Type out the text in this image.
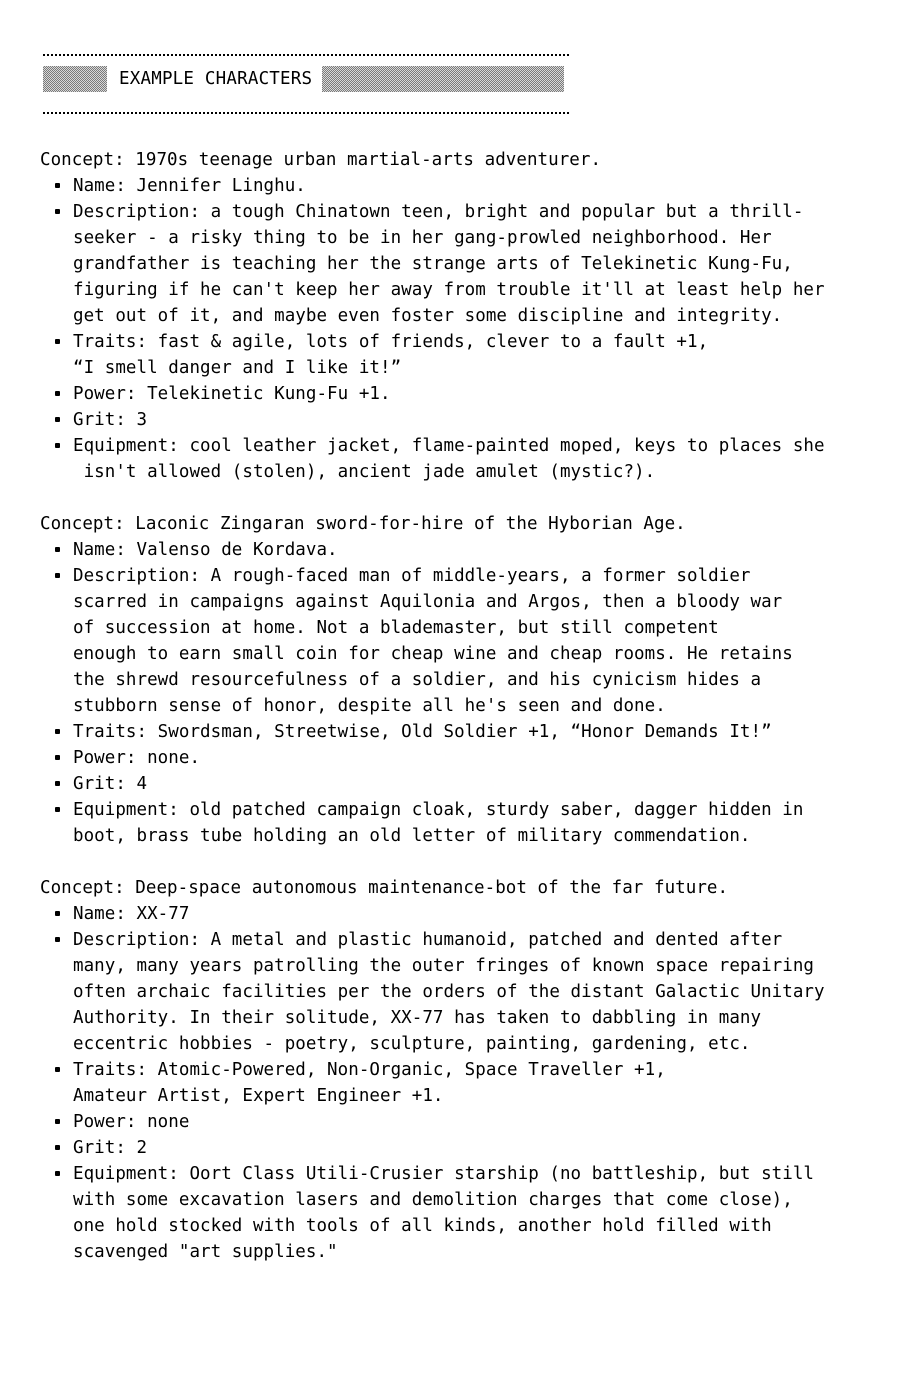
EXAMPLE CHARACTERS
Concept: 1970s teenage urban martial-arts adventurer.
Name: Jennifer Linghu.
Description: a tough Chinatown teen, bright and popular but a thrill-
seeker - a risky thing to be in her gang-prowled neighborhood. Her
grandfather is teaching her the strange arts of Telekinetic Kung-Fu,
figuring if he can't keep her away from trouble it'll at least help her
get out of it, and maybe even foster some discipline and integrity.
Traits: fast & agile, lots of friends, clever to a fault +1,
“I smell danger and I like it!”
Power: Telekinetic Kung-Fu +1.
Grit: 3
Equipment: cool leather jacket, flame-painted moped, keys to places she
isn't allowed (stolen), ancient jade amulet (mystic?).
Concept: Laconic Zingaran sword-for-hire of the Hyborian Age.
Name: Valenso de Kordava.
Description: A rough-faced man of middle-years, a former soldier
scarred in campaigns against Aquilonia and Argos, then a bloody war
of succession at home. Not a blademaster, but still competent
enough to earn small coin for cheap wine and cheap rooms. He retains
the shrewd resourcefulness of a soldier, and his cynicism hides a
stubborn sense of honor, despite all he's seen and done.
Traits: Swordsman, Streetwise, Old Soldier +1, “Honor Demands It!”
Power: none.
Grit: 4
Equipment: old patched campaign cloak, sturdy saber, dagger hidden in
boot, brass tube holding an old letter of military commendation.
Concept: Deep-space autonomous maintenance-bot of the far future.
Name: XX-77
Description: A metal and plastic humanoid, patched and dented after
many, many years patrolling the outer fringes of known space repairing
often archaic facilities per the orders of the distant Galactic Unitary
Authority. In their solitude, XX-77 has taken to dabbling in many
eccentric hobbies - poetry, sculpture, painting, gardening, etc.
Traits: Atomic-Powered, Non-Organic, Space Traveller +1,
Amateur Artist, Expert Engineer +1.
Power: none
Grit: 2
Equipment: Oort Class Utili-Crusier starship (no battleship, but still
with some excavation lasers and demolition charges that come close),
one hold stocked with tools of all kinds, another hold filled with
scavenged "art supplies."
